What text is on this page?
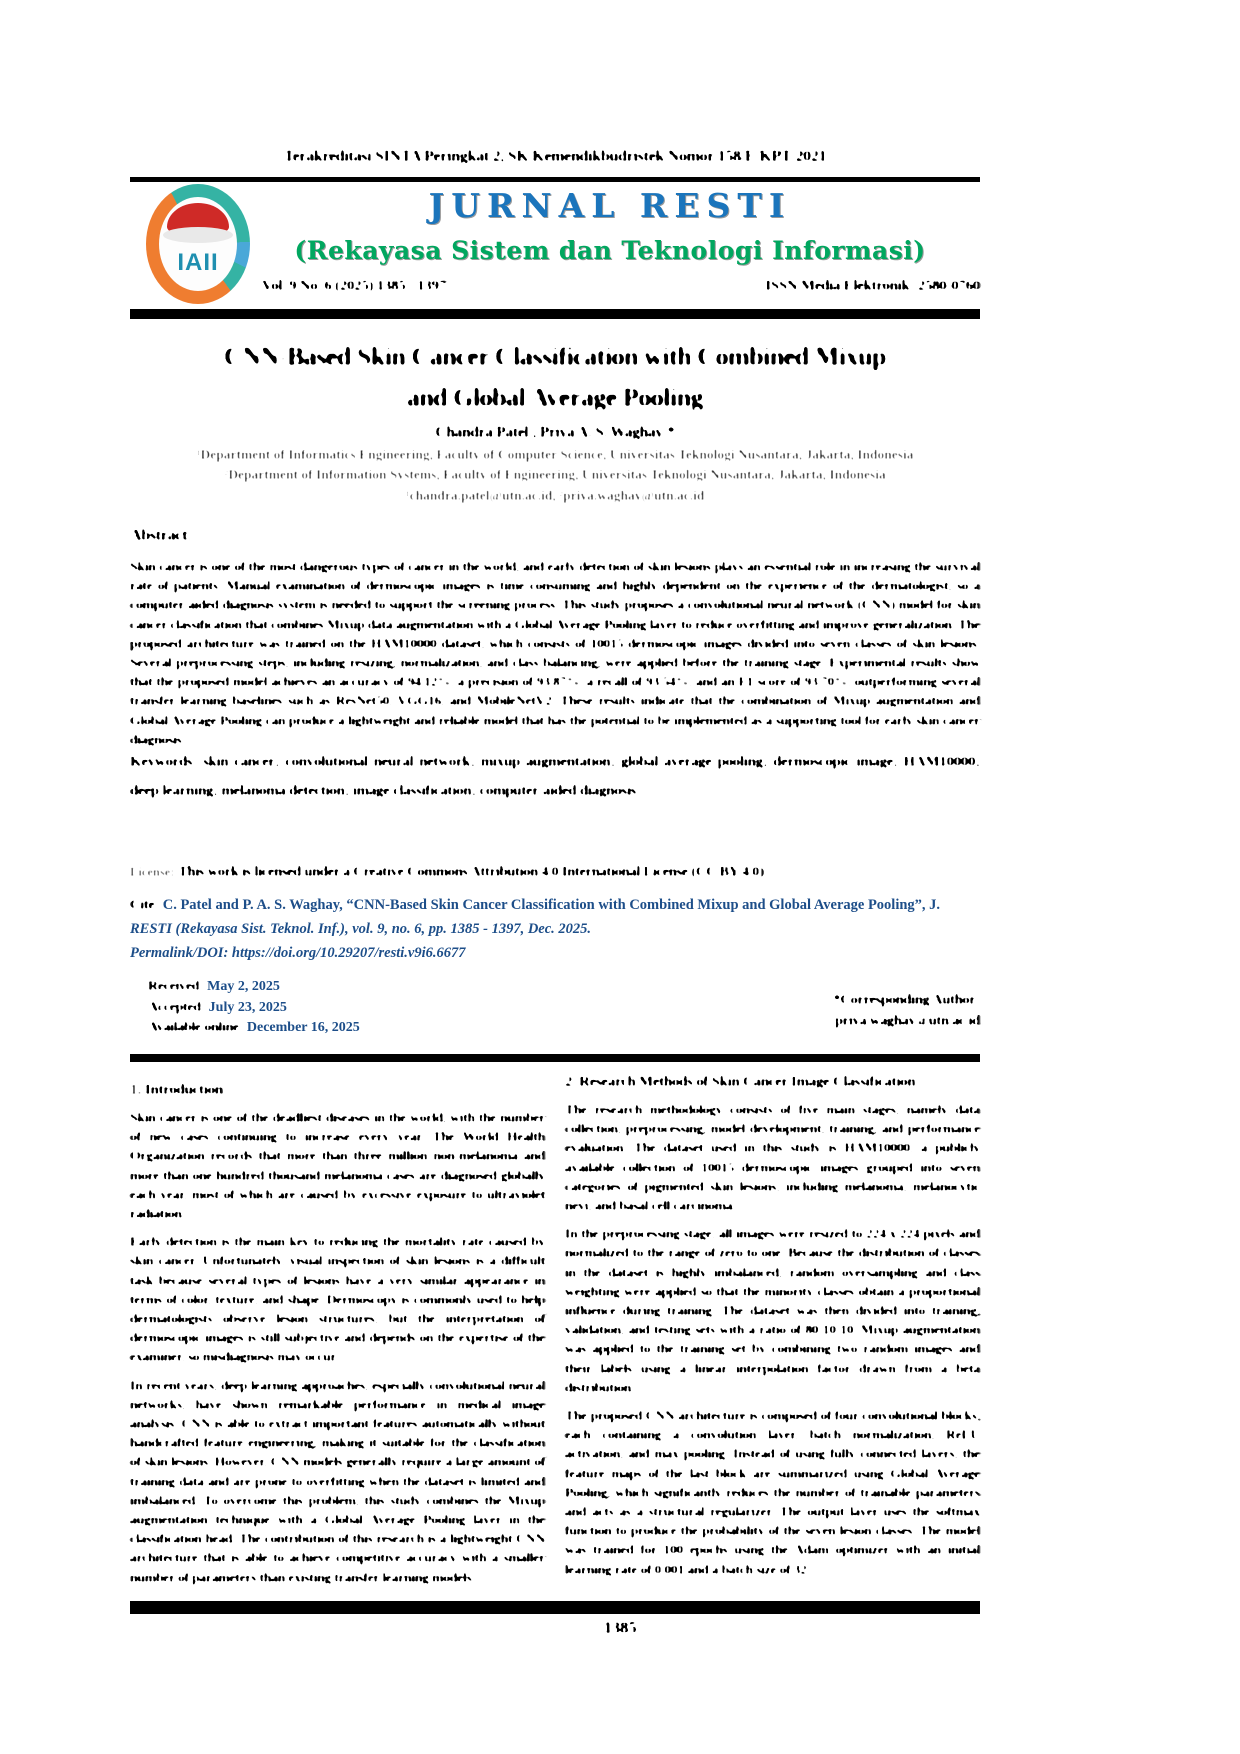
Terakreditasi SINTA Peringkat 2, SK Kemendikbudristek Nomor 158/E/KPT/2021
IAII
JURNAL RESTI
(Rekayasa Sistem dan Teknologi Informasi)
Vol. 9 No. 6 (2025) 1385 - 1397	ISSN Media Elektronik: 2580-0760
CNN-Based Skin Cancer Classification with Combined Mixup
and Global Average Pooling
Chandra Patel¹, Priya A. S. Waghay²*
¹Department of Informatics Engineering, Faculty of Computer Science, Universitas Teknologi Nusantara, Jakarta, Indonesia
²Department of Information Systems, Faculty of Engineering, Universitas Teknologi Nusantara, Jakarta, Indonesia
¹chandra.patel@utn.ac.id, ²priya.waghay@utn.ac.id
Abstract
Skin cancer is one of the most dangerous types of cancer in the world, and early detection of skin lesions plays an essential role in increasing the survival rate of patients. Manual examination of dermoscopic images is time consuming and highly dependent on the experience of the dermatologist, so a computer-aided diagnosis system is needed to support the screening process. This study proposes a convolutional neural network (CNN) model for skin cancer classification that combines Mixup data augmentation with a Global Average Pooling layer to reduce overfitting and improve generalization. The proposed architecture was trained on the HAM10000 dataset, which consists of 10015 dermoscopic images divided into seven classes of skin lesions. Several preprocessing steps, including resizing, normalization, and class balancing, were applied before the training stage. Experimental results show that the proposed model achieves an accuracy of 94.12%, a precision of 93.87%, a recall of 93.54%, and an F1-score of 93.70%, outperforming several transfer learning baselines such as ResNet50, VGG16, and MobileNetV2. These results indicate that the combination of Mixup augmentation and Global Average Pooling can produce a lightweight and reliable model that has the potential to be implemented as a supporting tool for early skin cancer diagnosis.
Keywords: skin cancer; convolutional neural network; mixup augmentation; global average pooling; dermoscopic image; HAM10000; deep learning; melanoma detection; image classification; computer-aided diagnosis
License: This work is licensed under a Creative Commons Attribution 4.0 International License (CC BY 4.0)
Cite: C. Patel and P. A. S. Waghay, “CNN-Based Skin Cancer Classification with Combined Mixup and Global Average Pooling”, J.
RESTI (Rekayasa Sist. Teknol. Inf.), vol. 9, no. 6, pp. 1385 - 1397, Dec. 2025.
Permalink/DOI: https://doi.org/10.29207/resti.v9i6.6677
Received: May 2, 2025
Accepted: July 23, 2025
Available online: December 16, 2025
*Corresponding Author:
priya.waghay@utn.ac.id
1. Introduction
Skin cancer is one of the deadliest diseases in the world, with the number of new cases continuing to increase every year. The World Health Organization records that more than three million non-melanoma and more than one hundred thousand melanoma cases are diagnosed globally each year, most of which are caused by excessive exposure to ultraviolet radiation.
Early detection is the main key to reducing the mortality rate caused by skin cancer. Unfortunately, visual inspection of skin lesions is a difficult task because several types of lesions have a very similar appearance in terms of color, texture, and shape. Dermoscopy is commonly used to help dermatologists observe lesion structures, but the interpretation of dermoscopic images is still subjective and depends on the expertise of the examiner, so misdiagnosis may occur.
In recent years, deep learning approaches, especially convolutional neural networks, have shown remarkable performance in medical image analysis. CNN is able to extract important features automatically without handcrafted feature engineering, making it suitable for the classification of skin lesions. However, CNN models generally require a large amount of training data and are prone to overfitting when the dataset is limited and imbalanced. To overcome this problem, this study combines the Mixup augmentation technique with a Global Average Pooling layer in the classification head. The contribution of this research is a lightweight CNN architecture that is able to achieve competitive accuracy with a smaller number of parameters than existing transfer learning models.
2. Research Methods of Skin Cancer Image Classification
The research methodology consists of five main stages, namely data collection, preprocessing, model development, training, and performance evaluation. The dataset used in this study is HAM10000, a publicly available collection of 10015 dermoscopic images grouped into seven categories of pigmented skin lesions, including melanoma, melanocytic nevi, and basal cell carcinoma.
In the preprocessing stage, all images were resized to 224 x 224 pixels and normalized to the range of zero to one. Because the distribution of classes in the dataset is highly imbalanced, random oversampling and class weighting were applied so that the minority classes obtain a proportional influence during training. The dataset was then divided into training, validation, and testing sets with a ratio of 80:10:10. Mixup augmentation was applied to the training set by combining two random images and their labels using a linear interpolation factor drawn from a beta distribution.
The proposed CNN architecture is composed of four convolutional blocks, each containing a convolution layer, batch normalization, ReLU activation, and max pooling. Instead of using fully connected layers, the feature maps of the last block are summarized using Global Average Pooling, which significantly reduces the number of trainable parameters and acts as a structural regularizer. The output layer uses the softmax function to produce the probability of the seven lesion classes. The model was trained for 100 epochs using the Adam optimizer with an initial learning rate of 0.001 and a batch size of 32.
1385
